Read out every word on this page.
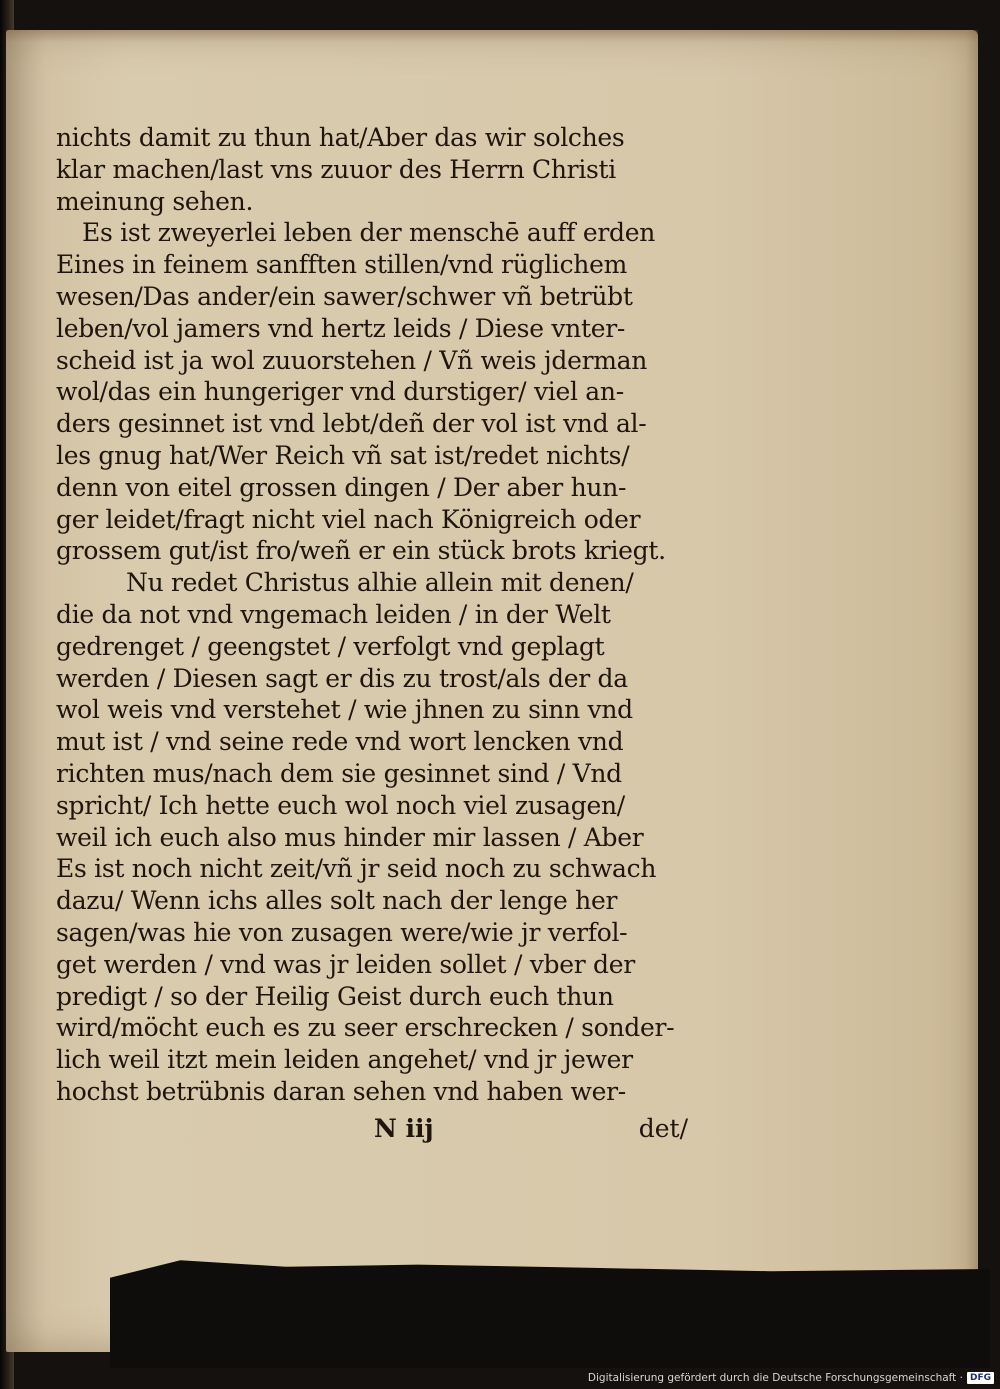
nichts damit zu thun hat/Aber das wir solches
klar machen/last vns zuuor des Herrn Christi
meinung sehen.
Es ist zweyerlei leben der menschē auff erden
Eines in feinem sanfften stillen/vnd rüglichem
wesen/Das ander/ein sawer/schwer vñ betrübt
leben/vol jamers vnd hertz leids / Diese vnter-
scheid ist ja wol zuuorstehen / Vñ weis jderman
wol/das ein hungeriger vnd durstiger/ viel an-
ders gesinnet ist vnd lebt/deñ der vol ist vnd al-
les gnug hat/Wer Reich vñ sat ist/redet nichts/
denn von eitel grossen dingen / Der aber hun-
ger leidet/fragt nicht viel nach Königreich oder
grossem gut/ist fro/weñ er ein stück brots kriegt.
Nu redet Christus alhie allein mit denen/
die da not vnd vngemach leiden / in der Welt
gedrenget / geengstet / verfolgt vnd geplagt
werden / Diesen sagt er dis zu trost/als der da
wol weis vnd verstehet / wie jhnen zu sinn vnd
mut ist / vnd seine rede vnd wort lencken vnd
richten mus/nach dem sie gesinnet sind / Vnd
spricht/ Ich hette euch wol noch viel zusagen/
weil ich euch also mus hinder mir lassen / Aber
Es ist noch nicht zeit/vñ jr seid noch zu schwach
dazu/ Wenn ichs alles solt nach der lenge her
sagen/was hie von zusagen were/wie jr verfol-
get werden / vnd was jr leiden sollet / vber der
predigt / so der Heilig Geist durch euch thun
wird/möcht euch es zu seer erschrecken / sonder-
lich weil itzt mein leiden angehet/ vnd jr jewer
hochst betrübnis daran sehen vnd haben wer-
N iij	det/
Digitalisierung gefördert durch die Deutsche Forschungsgemeinschaft · DFG
